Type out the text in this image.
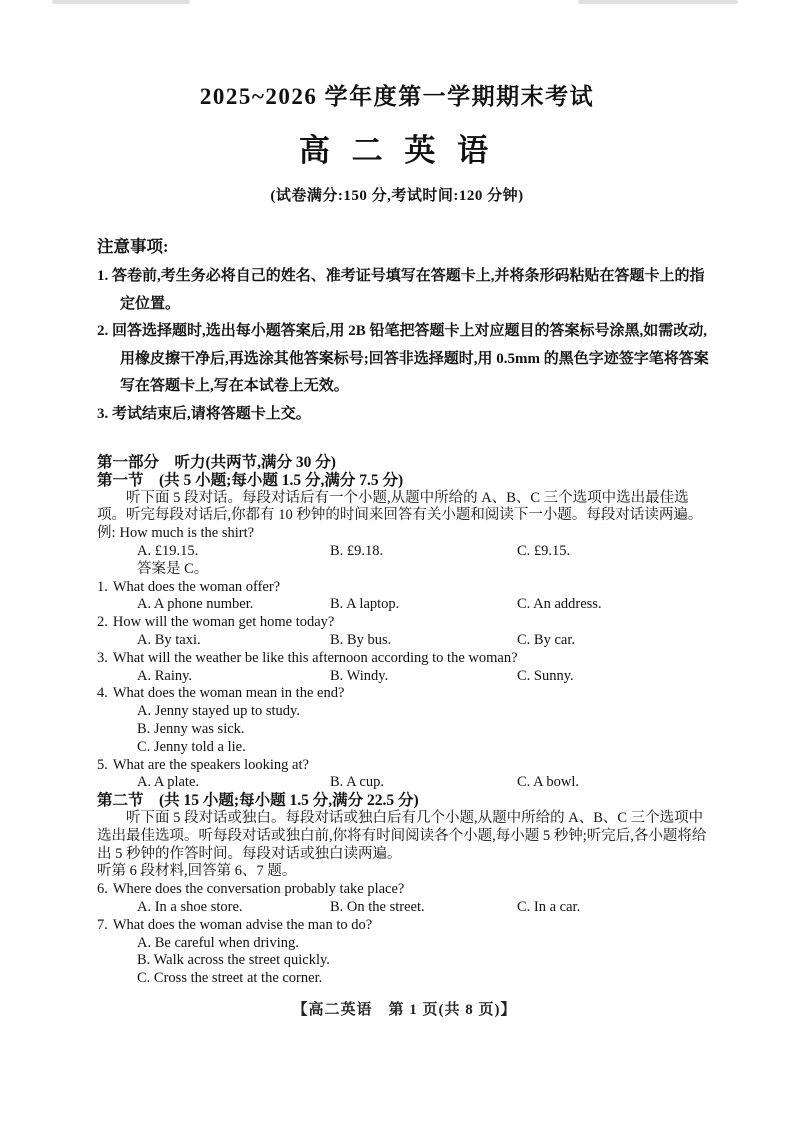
2025~2026 学年度第一学期期末考试
高 二 英 语
(试卷满分:150 分,考试时间:120 分钟)
注意事项:
1. 答卷前,考生务必将自己的姓名、准考证号填写在答题卡上,并将条形码粘贴在答题卡上的指定位置。
2. 回答选择题时,选出每小题答案后,用 2B 铅笔把答题卡上对应题目的答案标号涂黑,如需改动,用橡皮擦干净后,再选涂其他答案标号;回答非选择题时,用 0.5mm 的黑色字迹签字笔将答案写在答题卡上,写在本试卷上无效。
3. 考试结束后,请将答题卡上交。
第一部分　听力(共两节,满分 30 分)
第一节　(共 5 小题;每小题 1.5 分,满分 7.5 分)

听下面 5 段对话。每段对话后有一个小题,从题中所给的 A、B、C 三个选项中选出最佳选项。听完每段对话后,你都有 10 秒钟的时间来回答有关小题和阅读下一小题。每段对话读两遍。

例: How much is the shirt?
A. £19.15.	B. £9.18.	C. £9.15.
答案是 C。
1. What does the woman offer?
A. A phone number.	B. A laptop.	C. An address.
2. How will the woman get home today?
A. By taxi.	B. By bus.	C. By car.
3. What will the weather be like this afternoon according to the woman?
A. Rainy.	B. Windy.	C. Sunny.
4. What does the woman mean in the end?
A. Jenny stayed up to study.
B. Jenny was sick.
C. Jenny told a lie.
5. What are the speakers looking at?
A. A plate.	B. A cup.	C. A bowl.
第二节　(共 15 小题;每小题 1.5 分,满分 22.5 分)

听下面 5 段对话或独白。每段对话或独白后有几个小题,从题中所给的 A、B、C 三个选项中选出最佳选项。听每段对话或独白前,你将有时间阅读各个小题,每小题 5 秒钟;听完后,各小题将给出 5 秒钟的作答时间。每段对话或独白读两遍。

听第 6 段材料,回答第 6、7 题。

6. Where does the conversation probably take place?
A. In a shoe store.	B. On the street.	C. In a car.
7. What does the woman advise the man to do?
A. Be careful when driving.
B. Walk across the street quickly.
C. Cross the street at the corner.
【高二英语　第 1 页(共 8 页)】
